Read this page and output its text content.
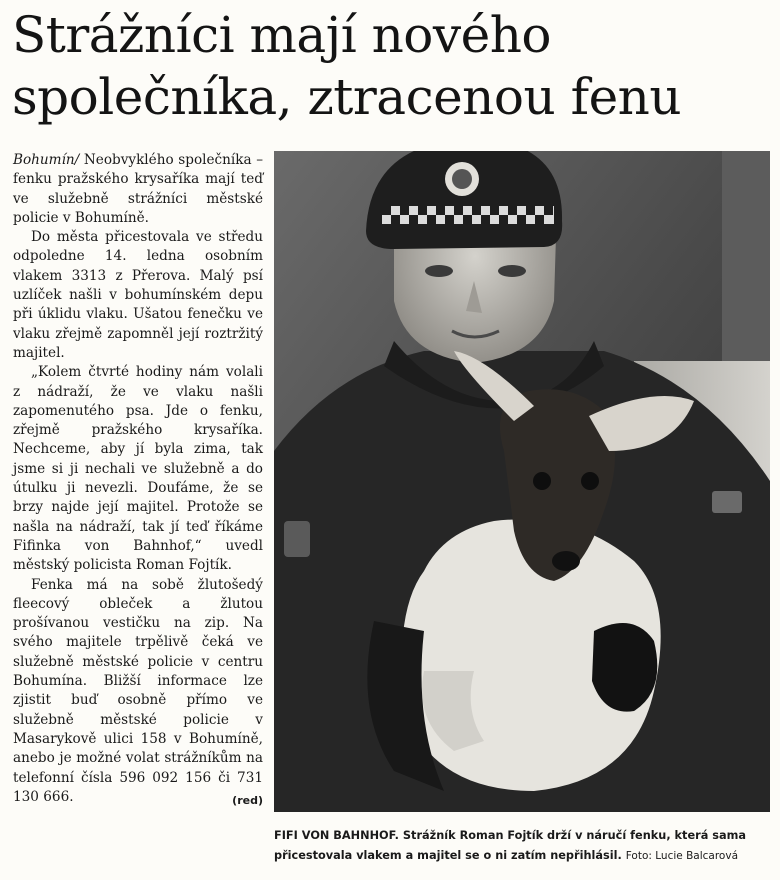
Strážníci mají nového
společníka, ztracenou fenu

Bohumín/ Neobvyklého společníka – fenku pražského krysaříka mají teď ve služebně strážníci městské policie v Bohumíně.

Do města přicestovala ve středu odpoledne 14. ledna osobním vlakem 3313 z Přerova. Malý psí uzlíček našli v bohumínském depu při úklidu vlaku. Ušatou fenečku ve vlaku zřejmě zapomněl její roztržitý majitel.

„Kolem čtvrté hodiny nám volali z nádraží, že ve vlaku našli zapomenutého psa. Jde o fenku, zřejmě pražského krysaříka. Nechceme, aby jí byla zima, tak jsme si ji nechali ve služebně a do útulku ji nevezli. Doufáme, že se brzy najde její majitel. Protože se našla na nádraží, tak jí teď říkáme Fifinka von Bahnhof,“ uvedl městský policista Roman Fojtík.

Fenka má na sobě žlutošedý fleecový obleček a žlutou prošívanou vestičku na zip. Na svého majitele trpělivě čeká ve služebně městské policie v centru Bohumína. Bližší informace lze zjistit buď osobně přímo ve služebně městské policie v Masarykově ulici 158 v Bohumíně, anebo je možné volat strážníkům na telefonní čísla 596 092 156 či 731 130 666.	(red)

FIFI VON BAHNHOF. Strážník Roman Fojtík drží v náručí fenku, která sama přicestovala vlakem a majitel se o ni zatím nepřihlásil. Foto: Lucie Balcarová
